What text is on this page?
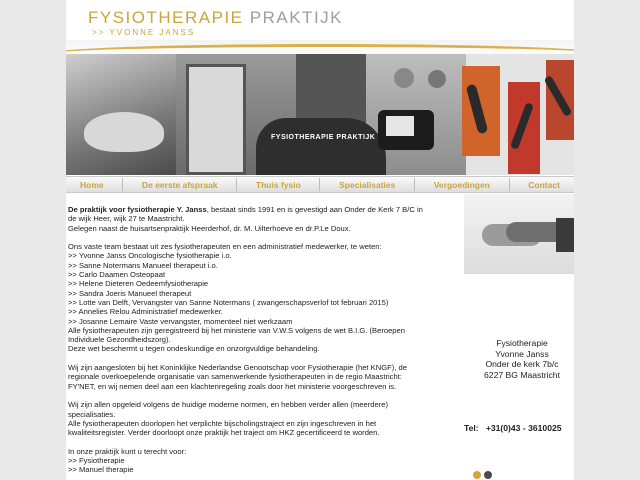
FYSIOTHERAPIE PRAKTIJK
>> YVONNE JANSS
FYSIOTHERAPIE PRAKTIJK
Home	De eerste afspraak	Thuis fysio	Specialisaties	Vergoedingen	Contact

De praktijk voor fysiotherapie Y. Janss, bestaat sinds 1991 en is gevestigd aan Onder de Kerk 7 B/C in
de wijk Heer, wijk 27 te Maastricht.
Gelegen naast de huisartsenpraktijk Heerderhof, dr. M. Uilterhoeve en dr.P.Le Doux.

Ons vaste team bestaat uit zes fysiotherapeuten en een administratief medewerker, te weten:
>> Yvonne Janss Oncologische fysiotherapie i.o.
>> Sanne Notermans Manueel therapeut i.o.
>> Carlo Daamen Osteopaat
>> Helene Dieteren Oedeemfysiotherapie
>> Sandra Joeris Manueel therapeut
>> Lotte van Delft, Vervangster van Sanne Notermans ( zwangerschapsverlof tot februari 2015)
>> Annelies Relou Administratief medewerker.
>> Josanne Lemaire Vaste vervangster, momenteel niet werkzaam
Alle fysiotherapeuten zijn geregistreerd bij het ministerie van V.W.S volgens de wet B.I.G. (Beroepen
Individuele Gezondheidszorg).
Deze wet beschermt u tegen ondeskundige en onzorgvuldige behandeling.

Wij zijn aangesloten bij het Koninklijke Nederlandse Genootschap voor Fysiotherapie (het KNGF), de
regionale overkoepelende organisatie van samenwerkende fysiotherapeuten in de regio Maastricht:
FY'NET, en wij nemen deel aan een klachtenregeling zoals door het ministerie voorgeschreven is.

Wij zijn allen opgeleid volgens de huidige moderne normen, en hebben verder allen (meerdere)
specialisaties.
Alle fysiotherapeuten doorlopen het verplichte bijscholingstraject en zijn ingeschreven in het
kwaliteitsregister. Verder doorloopt onze praktijk het traject om HKZ gecertificeerd te worden.

In onze praktijk kunt u terecht voor:
>> Fysiotherapie
>> Manuel therapie

Fysiotherapie
Yvonne Janss
Onder de kerk 7b/c
6227 BG Maastricht
Tel: +31(0)43 - 3610025
